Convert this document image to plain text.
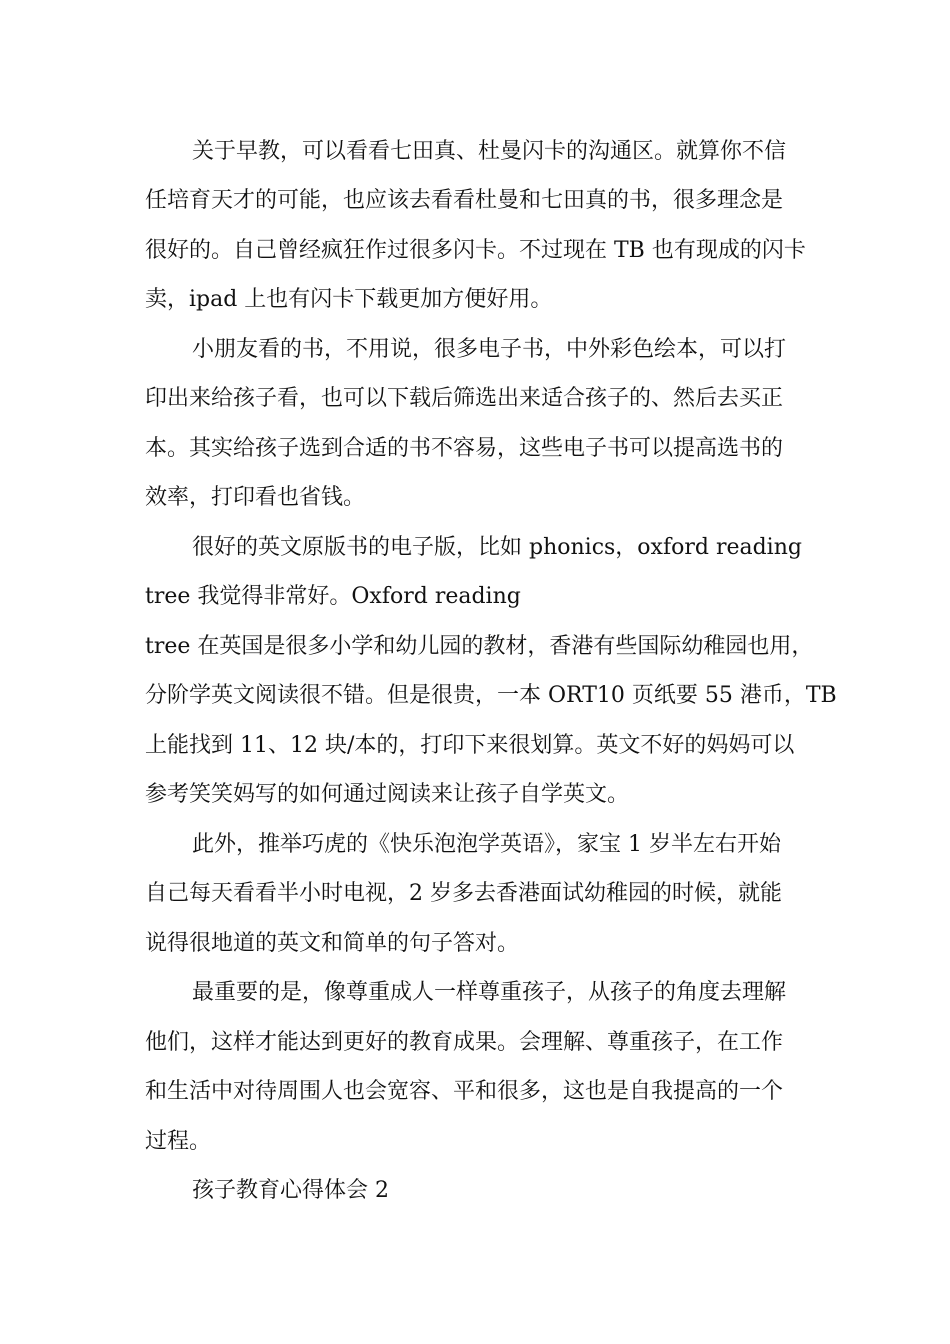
关于早教，可以看看七田真、杜曼闪卡的沟通区。就算你不信
任培育天才的可能，也应该去看看杜曼和七田真的书，很多理念是
很好的。自己曾经疯狂作过很多闪卡。不过现在 TB 也有现成的闪卡
卖，ipad 上也有闪卡下载更加方便好用。
小朋友看的书，不用说，很多电子书，中外彩色绘本，可以打
印出来给孩子看，也可以下载后筛选出来适合孩子的、然后去买正
本。其实给孩子选到合适的书不容易，这些电子书可以提高选书的
效率，打印看也省钱。
很好的英文原版书的电子版，比如 phonics，oxford reading
tree 我觉得非常好。Oxford reading
tree 在英国是很多小学和幼儿园的教材，香港有些国际幼稚园也用，
分阶学英文阅读很不错。但是很贵，一本 ORT10 页纸要 55 港币，TB
上能找到 11、12 块/本的，打印下来很划算。英文不好的妈妈可以
参考笑笑妈写的如何通过阅读来让孩子自学英文。
此外，推举巧虎的《快乐泡泡学英语》，家宝 1 岁半左右开始
自己每天看看半小时电视，2 岁多去香港面试幼稚园的时候，就能
说得很地道的英文和简单的句子答对。
最重要的是，像尊重成人一样尊重孩子，从孩子的角度去理解
他们，这样才能达到更好的教育成果。会理解、尊重孩子，在工作
和生活中对待周围人也会宽容、平和很多，这也是自我提高的一个
过程。
孩子教育心得体会 2
